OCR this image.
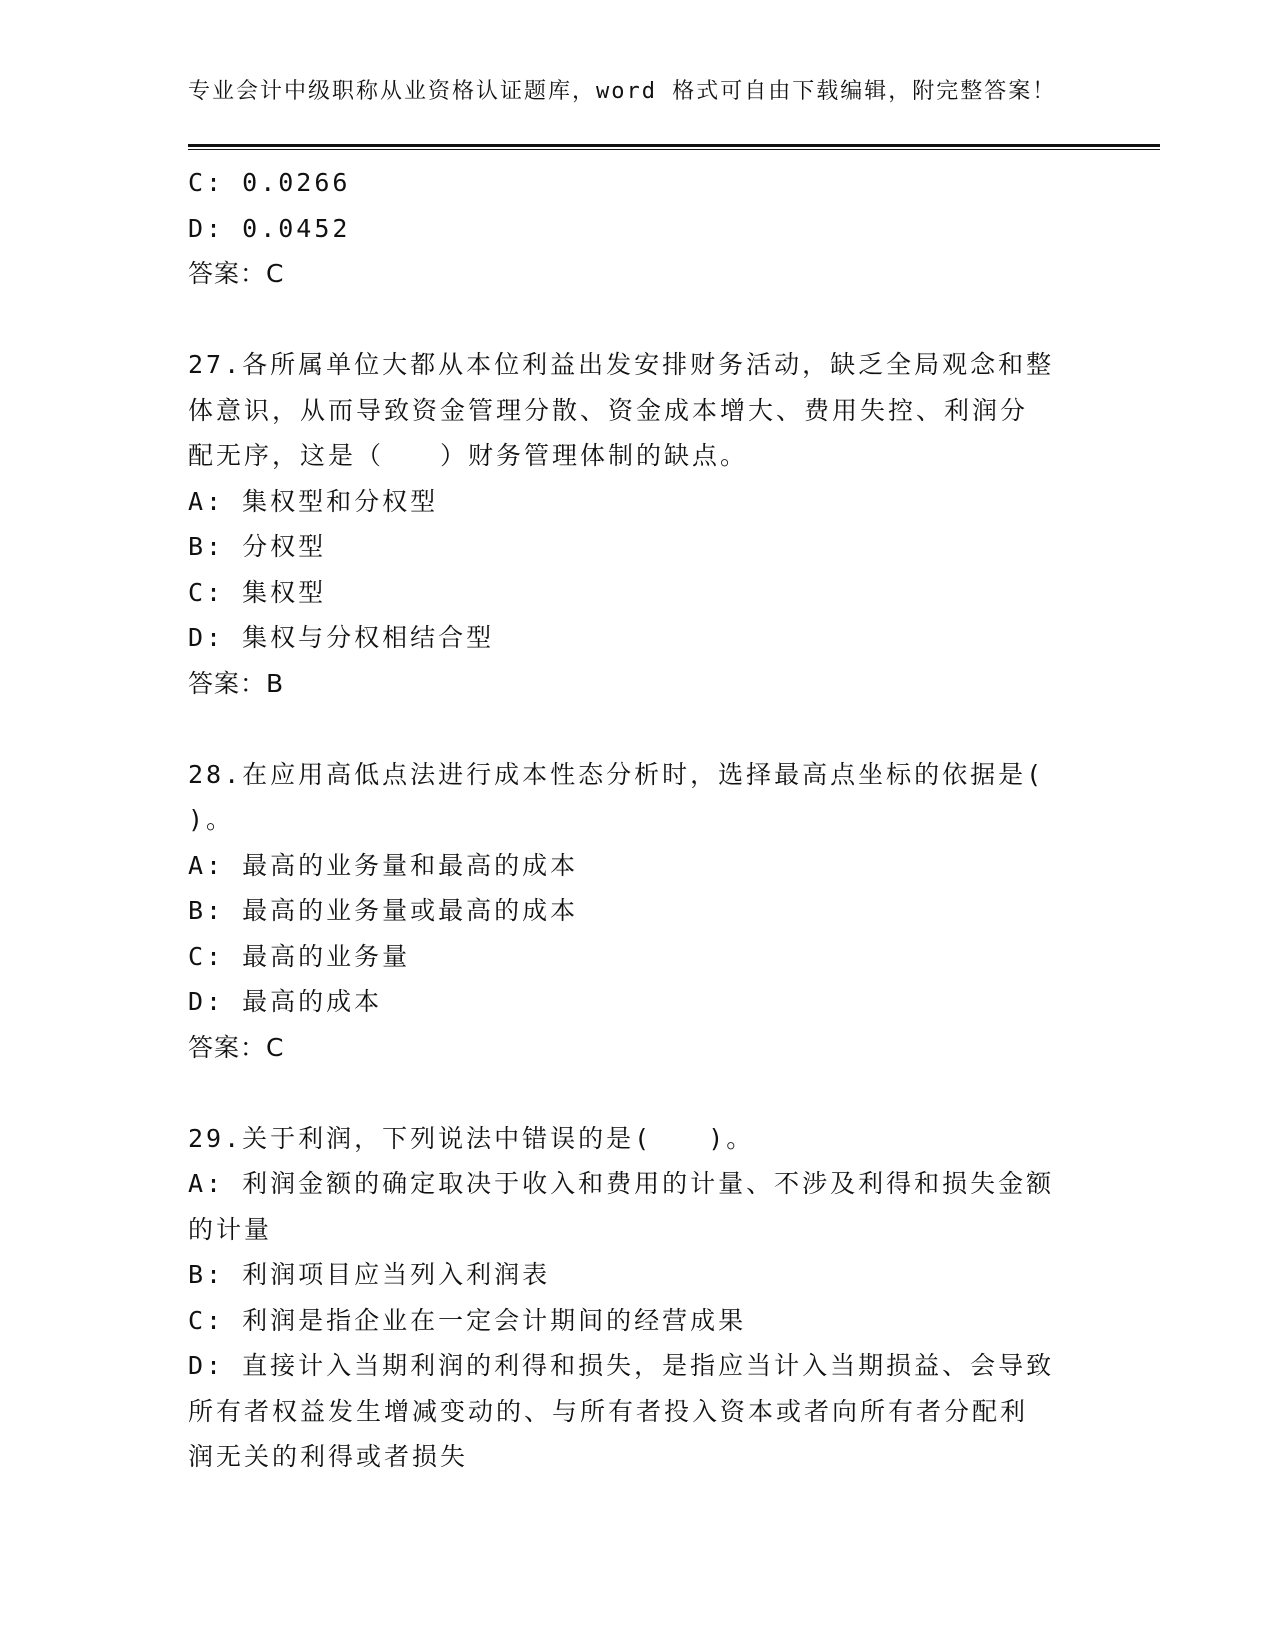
专业会计中级职称从业资格认证题库，word 格式可自由下载编辑，附完整答案！
C: 0.0266
D: 0.0452
答案：C
27.各所属单位大都从本位利益出发安排财务活动，缺乏全局观念和整
体意识，从而导致资金管理分散、资金成本增大、费用失控、利润分
配无序，这是（　　）财务管理体制的缺点。
A: 集权型和分权型
B: 分权型
C: 集权型
D: 集权与分权相结合型
答案：B
28.在应用高低点法进行成本性态分析时，选择最高点坐标的依据是(
)。
A: 最高的业务量和最高的成本
B: 最高的业务量或最高的成本
C: 最高的业务量
D: 最高的成本
答案：C
29.关于利润，下列说法中错误的是(　　)。
A: 利润金额的确定取决于收入和费用的计量、不涉及利得和损失金额
的计量
B: 利润项目应当列入利润表
C: 利润是指企业在一定会计期间的经营成果
D: 直接计入当期利润的利得和损失，是指应当计入当期损益、会导致
所有者权益发生增减变动的、与所有者投入资本或者向所有者分配利
润无关的利得或者损失
